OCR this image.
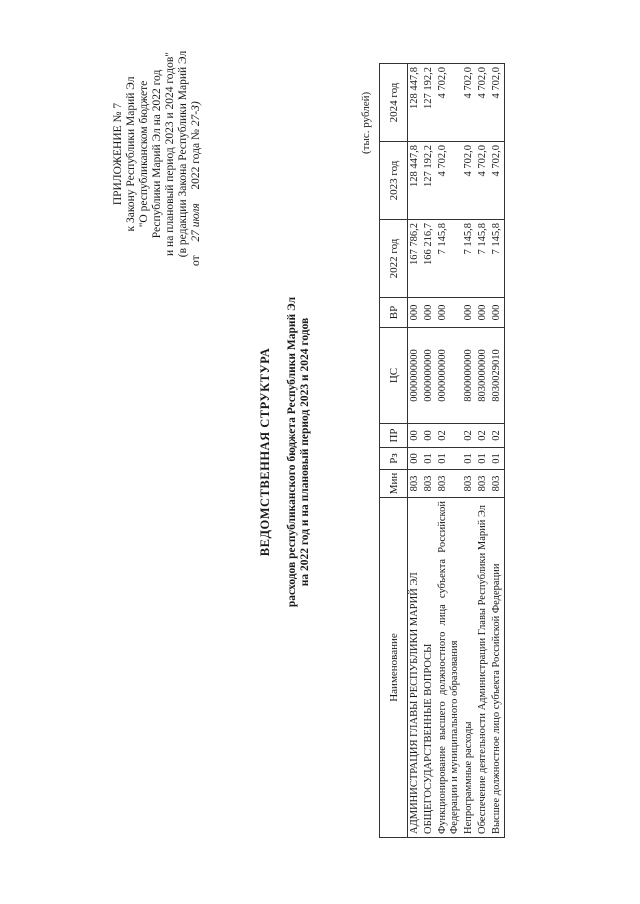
ПРИЛОЖЕНИЕ № 7 к Закону Республики Марий Эл "О республиканском бюджете Республики Марий Эл на 2022 год и на плановый период 2023 и 2024 годов" (в редакции Закона Республики Марий Эл
от  27 июля  2022 года № 27-З)
ВЕДОМСТВЕННАЯ СТРУКТУРА расходов республиканского бюджета Республики Марий Эл на 2022 год и на плановый период 2023 и 2024 годов
(тыс. рублей)
Наименование	Мин	Рз	ПР	ЦС	ВР	2022 год	2023 год	2024 год
АДМИНИСТРАЦИЯ ГЛАВЫ РЕСПУБЛИКИ МАРИЙ ЭЛ	803	00	00	0000000000	000	167 786,2	128 447,8	128 447,8
ОБЩЕГОСУДАРСТВЕННЫЕ ВОПРОСЫ	803	01	00	0000000000	000	166 216,7	127 192,2	127 192,2
Функционирование высшего должностного лица субъекта Российской Федерации и муниципального образования	803	01	02	0000000000	000	7 145,8	4 702,0	4 702,0
Непрограммные расходы	803	01	02	8000000000	000	7 145,8	4 702,0	4 702,0
Обеспечение деятельности Администрации Главы Республики Марий Эл	803	01	02	8030000000	000	7 145,8	4 702,0	4 702,0
Высшее должностное лицо субъекта Российской Федерации	803	01	02	8030029010	000	7 145,8	4 702,0	4 702,0
